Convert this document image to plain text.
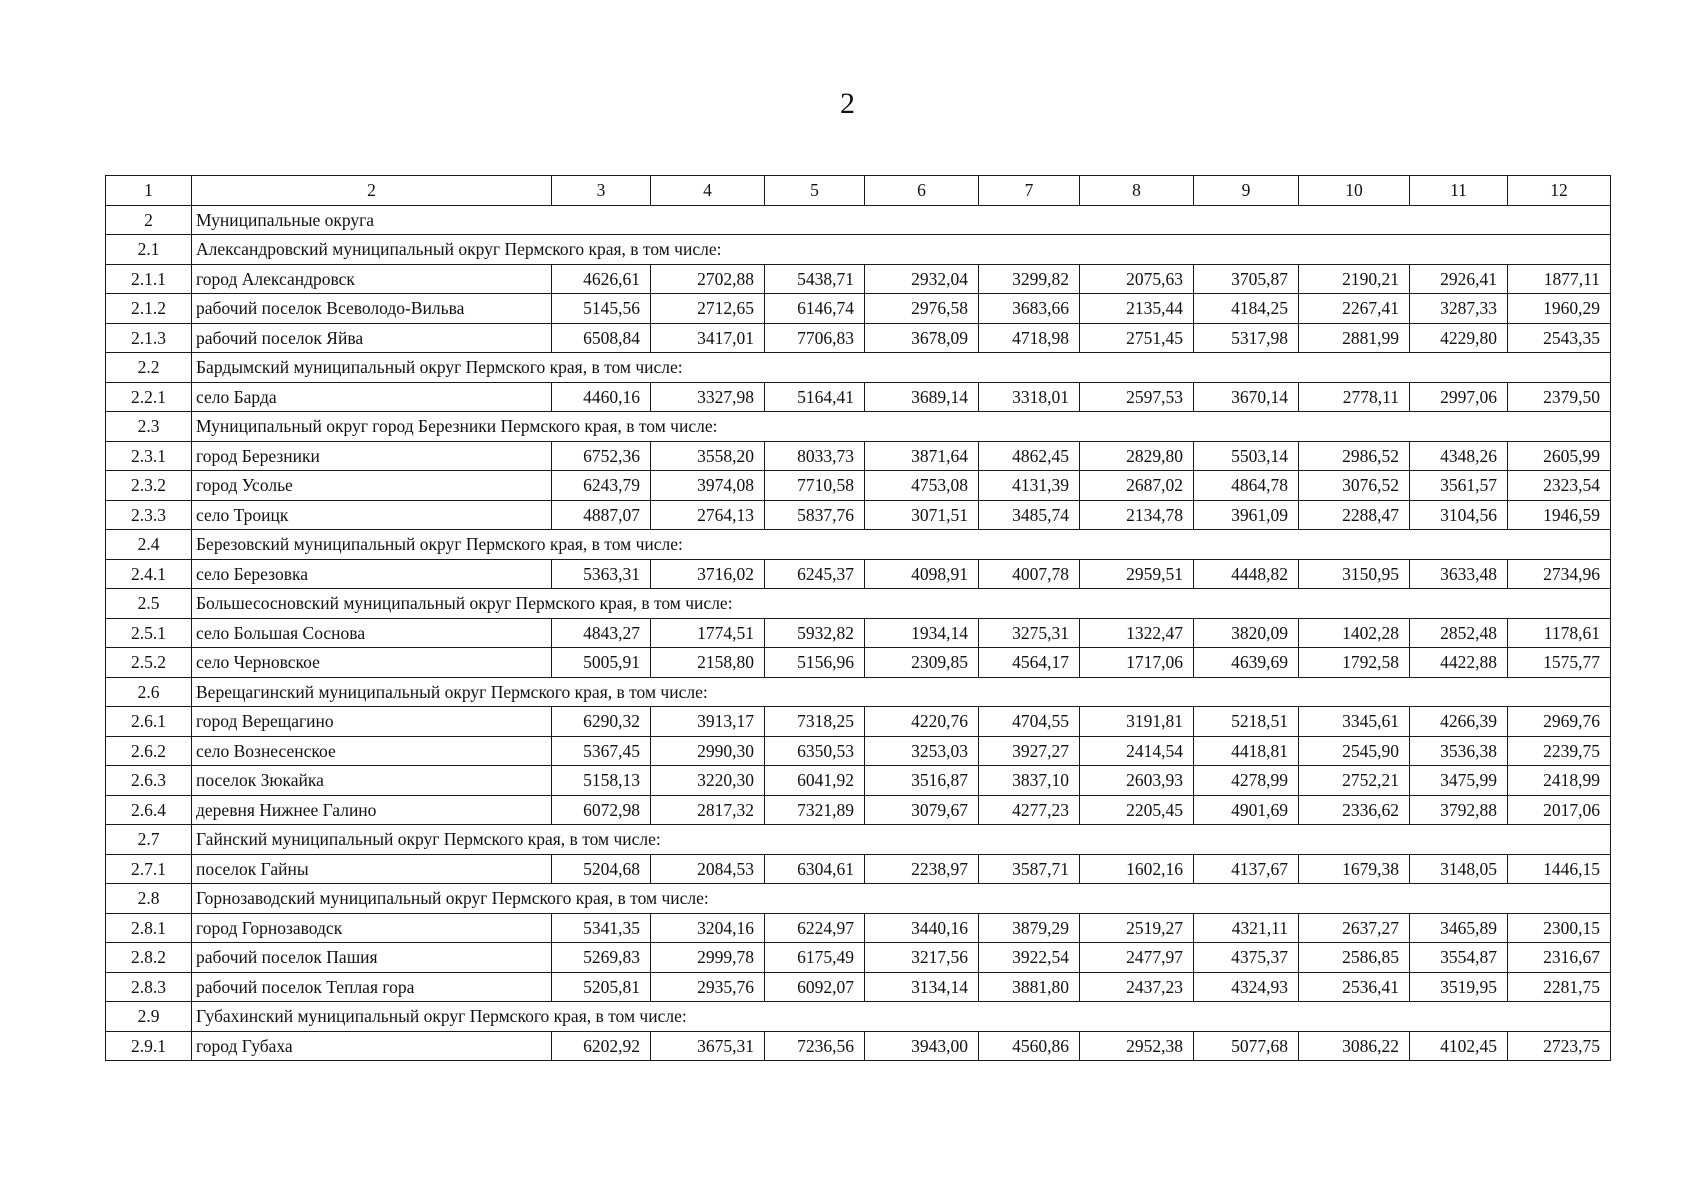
2
1	2	3	4	5	6	7	8	9	10	11	12
2	Муниципальные округа										
2.1	Александровский муниципальный округ Пермского края, в том числе:										
2.1.1	город Александровск	4626,61	2702,88	5438,71	2932,04	3299,82	2075,63	3705,87	2190,21	2926,41	1877,11
2.1.2	рабочий поселок Всеволодо-Вильва	5145,56	2712,65	6146,74	2976,58	3683,66	2135,44	4184,25	2267,41	3287,33	1960,29
2.1.3	рабочий поселок Яйва	6508,84	3417,01	7706,83	3678,09	4718,98	2751,45	5317,98	2881,99	4229,80	2543,35
2.2	Бардымский муниципальный округ Пермского края, в том числе:										
2.2.1	село Барда	4460,16	3327,98	5164,41	3689,14	3318,01	2597,53	3670,14	2778,11	2997,06	2379,50
2.3	Муниципальный округ город Березники Пермского края, в том числе:										
2.3.1	город Березники	6752,36	3558,20	8033,73	3871,64	4862,45	2829,80	5503,14	2986,52	4348,26	2605,99
2.3.2	город Усолье	6243,79	3974,08	7710,58	4753,08	4131,39	2687,02	4864,78	3076,52	3561,57	2323,54
2.3.3	село Троицк	4887,07	2764,13	5837,76	3071,51	3485,74	2134,78	3961,09	2288,47	3104,56	1946,59
2.4	Березовский муниципальный округ Пермского края, в том числе:										
2.4.1	село Березовка	5363,31	3716,02	6245,37	4098,91	4007,78	2959,51	4448,82	3150,95	3633,48	2734,96
2.5	Большесосновский муниципальный округ Пермского края, в том числе:										
2.5.1	село Большая Соснова	4843,27	1774,51	5932,82	1934,14	3275,31	1322,47	3820,09	1402,28	2852,48	1178,61
2.5.2	село Черновское	5005,91	2158,80	5156,96	2309,85	4564,17	1717,06	4639,69	1792,58	4422,88	1575,77
2.6	Верещагинский муниципальный округ Пермского края, в том числе:										
2.6.1	город Верещагино	6290,32	3913,17	7318,25	4220,76	4704,55	3191,81	5218,51	3345,61	4266,39	2969,76
2.6.2	село Вознесенское	5367,45	2990,30	6350,53	3253,03	3927,27	2414,54	4418,81	2545,90	3536,38	2239,75
2.6.3	поселок Зюкайка	5158,13	3220,30	6041,92	3516,87	3837,10	2603,93	4278,99	2752,21	3475,99	2418,99
2.6.4	деревня Нижнее Галино	6072,98	2817,32	7321,89	3079,67	4277,23	2205,45	4901,69	2336,62	3792,88	2017,06
2.7	Гайнский муниципальный округ Пермского края, в том числе:										
2.7.1	поселок Гайны	5204,68	2084,53	6304,61	2238,97	3587,71	1602,16	4137,67	1679,38	3148,05	1446,15
2.8	Горнозаводский муниципальный округ Пермского края, в том числе:										
2.8.1	город Горнозаводск	5341,35	3204,16	6224,97	3440,16	3879,29	2519,27	4321,11	2637,27	3465,89	2300,15
2.8.2	рабочий поселок Пашия	5269,83	2999,78	6175,49	3217,56	3922,54	2477,97	4375,37	2586,85	3554,87	2316,67
2.8.3	рабочий поселок Теплая гора	5205,81	2935,76	6092,07	3134,14	3881,80	2437,23	4324,93	2536,41	3519,95	2281,75
2.9	Губахинский муниципальный округ Пермского края, в том числе:										
2.9.1	город Губаха	6202,92	3675,31	7236,56	3943,00	4560,86	2952,38	5077,68	3086,22	4102,45	2723,75
